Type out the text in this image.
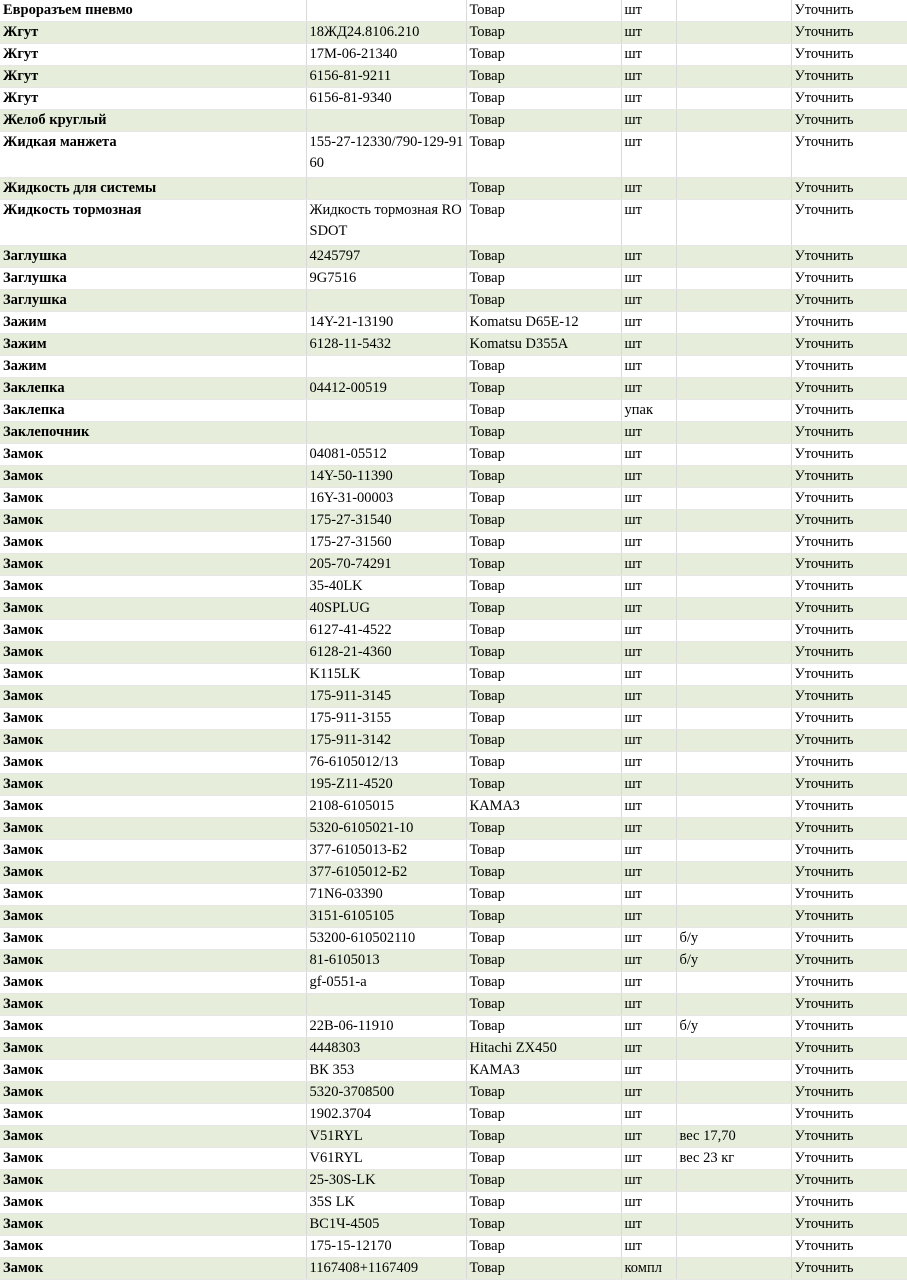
Евроразъем пневмо		Товар	шт		Уточнить
Жгут	18ЖД24.8106.210	Товар	шт		Уточнить
Жгут	17М-06-21340	Товар	шт		Уточнить
Жгут	6156-81-9211	Товар	шт		Уточнить
Жгут	6156-81-9340	Товар	шт		Уточнить
Желоб круглый		Товар	шт		Уточнить
Жидкая манжета	155-27-12330/790-129-9160	Товар	шт		Уточнить
Жидкость для системы		Товар	шт		Уточнить
Жидкость тормозная	Жидкость тормозная ROSDOT	Товар	шт		Уточнить
Заглушка	4245797	Товар	шт		Уточнить
Заглушка	9G7516	Товар	шт		Уточнить
Заглушка		Товар	шт		Уточнить
Зажим	14Y-21-13190	Komatsu D65E-12	шт		Уточнить
Зажим	6128-11-5432	Komatsu D355A	шт		Уточнить
Зажим		Товар	шт		Уточнить
Заклепка	04412-00519	Товар	шт		Уточнить
Заклепка		Товар	упак		Уточнить
Заклепочник		Товар	шт		Уточнить
Замок	04081-05512	Товар	шт		Уточнить
Замок	14Y-50-11390	Товар	шт		Уточнить
Замок	16Y-31-00003	Товар	шт		Уточнить
Замок	175-27-31540	Товар	шт		Уточнить
Замок	175-27-31560	Товар	шт		Уточнить
Замок	205-70-74291	Товар	шт		Уточнить
Замок	35-40LK	Товар	шт		Уточнить
Замок	40SPLUG	Товар	шт		Уточнить
Замок	6127-41-4522	Товар	шт		Уточнить
Замок	6128-21-4360	Товар	шт		Уточнить
Замок	K115LK	Товар	шт		Уточнить
Замок	175-911-3145	Товар	шт		Уточнить
Замок	175-911-3155	Товар	шт		Уточнить
Замок	175-911-3142	Товар	шт		Уточнить
Замок	76-6105012/13	Товар	шт		Уточнить
Замок	195-Z11-4520	Товар	шт		Уточнить
Замок	2108-6105015	КАМАЗ	шт		Уточнить
Замок	5320-6105021-10	Товар	шт		Уточнить
Замок	377-6105013-Б2	Товар	шт		Уточнить
Замок	377-6105012-Б2	Товар	шт		Уточнить
Замок	71N6-03390	Товар	шт		Уточнить
Замок	3151-6105105	Товар	шт		Уточнить
Замок	53200-610502110	Товар	шт	б/у	Уточнить
Замок	81-6105013	Товар	шт	б/у	Уточнить
Замок	gf-0551-a	Товар	шт		Уточнить
Замок		Товар	шт		Уточнить
Замок	22B-06-11910	Товар	шт	б/у	Уточнить
Замок	4448303	Hitachi ZX450	шт		Уточнить
Замок	ВК 353	КАМАЗ	шт		Уточнить
Замок	5320-3708500	Товар	шт		Уточнить
Замок	1902.3704	Товар	шт		Уточнить
Замок	V51RYL	Товар	шт	вес 17,70	Уточнить
Замок	V61RYL	Товар	шт	вес 23 кг	Уточнить
Замок	25-30S-LK	Товар	шт		Уточнить
Замок	35S LK	Товар	шт		Уточнить
Замок	ВС1Ч-4505	Товар	шт		Уточнить
Замок	175-15-12170	Товар	шт		Уточнить
Замок	1167408+1167409	Товар	компл		Уточнить
